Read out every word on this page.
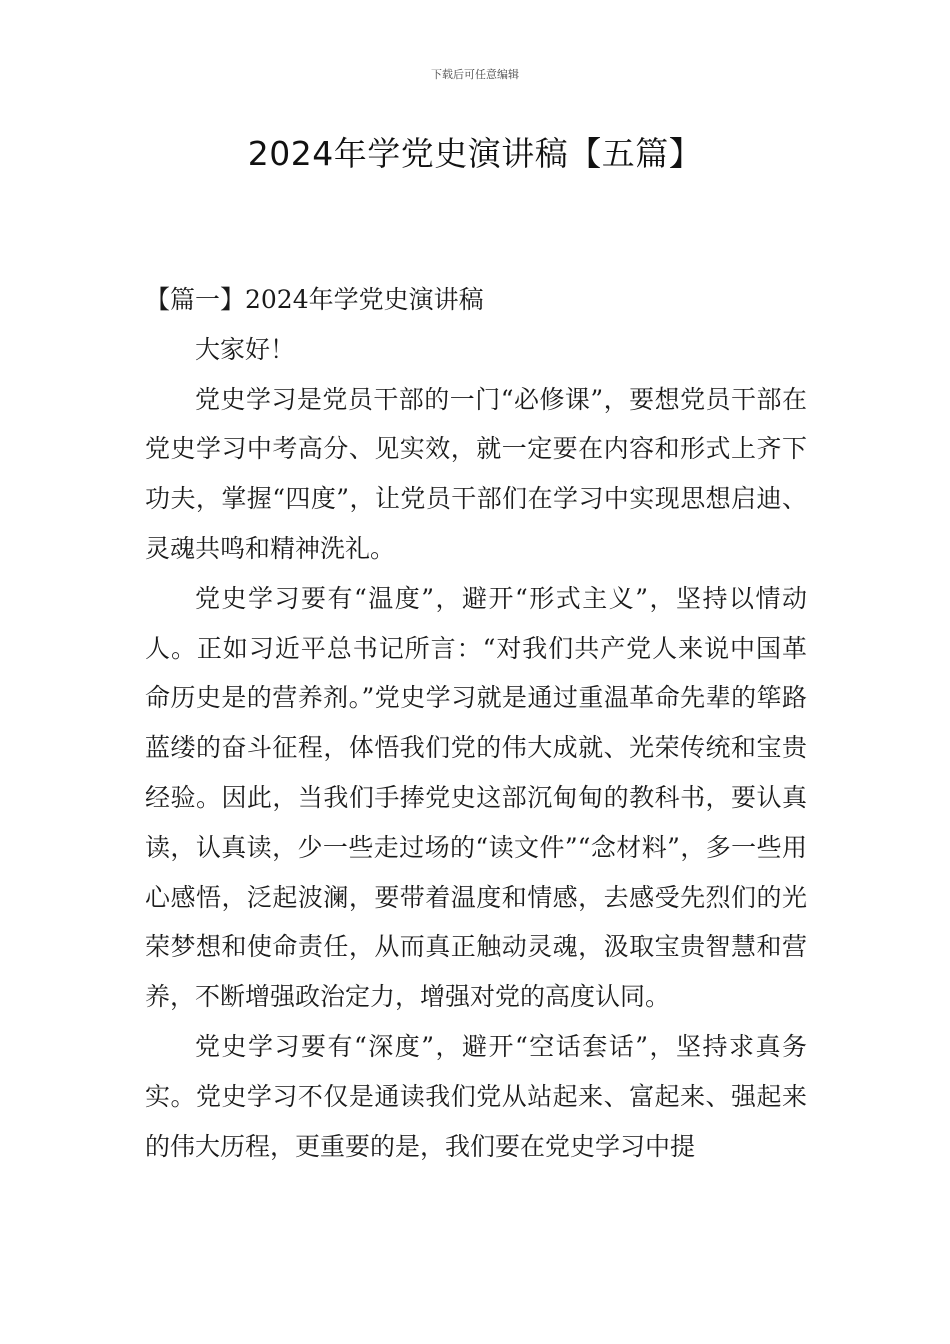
下载后可任意编辑
2024年学党史演讲稿【五篇】

【篇一】2024年学党史演讲稿

大家好！

党史学习是党员干部的一门“必修课”，要想党员干部在党史学习中考高分、见实效，就一定要在内容和形式上齐下功夫，掌握“四度”，让党员干部们在学习中实现思想启迪、灵魂共鸣和精神洗礼。

党史学习要有“温度”，避开“形式主义”，坚持以情动人。正如习近平总书记所言：“对我们共产党人来说中国革命历史是的营养剂。”党史学习就是通过重温革命先辈的筚路蓝缕的奋斗征程，体悟我们党的伟大成就、光荣传统和宝贵经验。因此，当我们手捧党史这部沉甸甸的教科书，要认真读，认真读，少一些走过场的“读文件”“念材料”，多一些用心感悟，泛起波澜，要带着温度和情感，去感受先烈们的光荣梦想和使命责任，从而真正触动灵魂，汲取宝贵智慧和营养，不断增强政治定力，增强对党的高度认同。

党史学习要有“深度”，避开“空话套话”，坚持求真务实。党史学习不仅是通读我们党从站起来、富起来、强起来的伟大历程，更重要的是，我们要在党史学习中提
